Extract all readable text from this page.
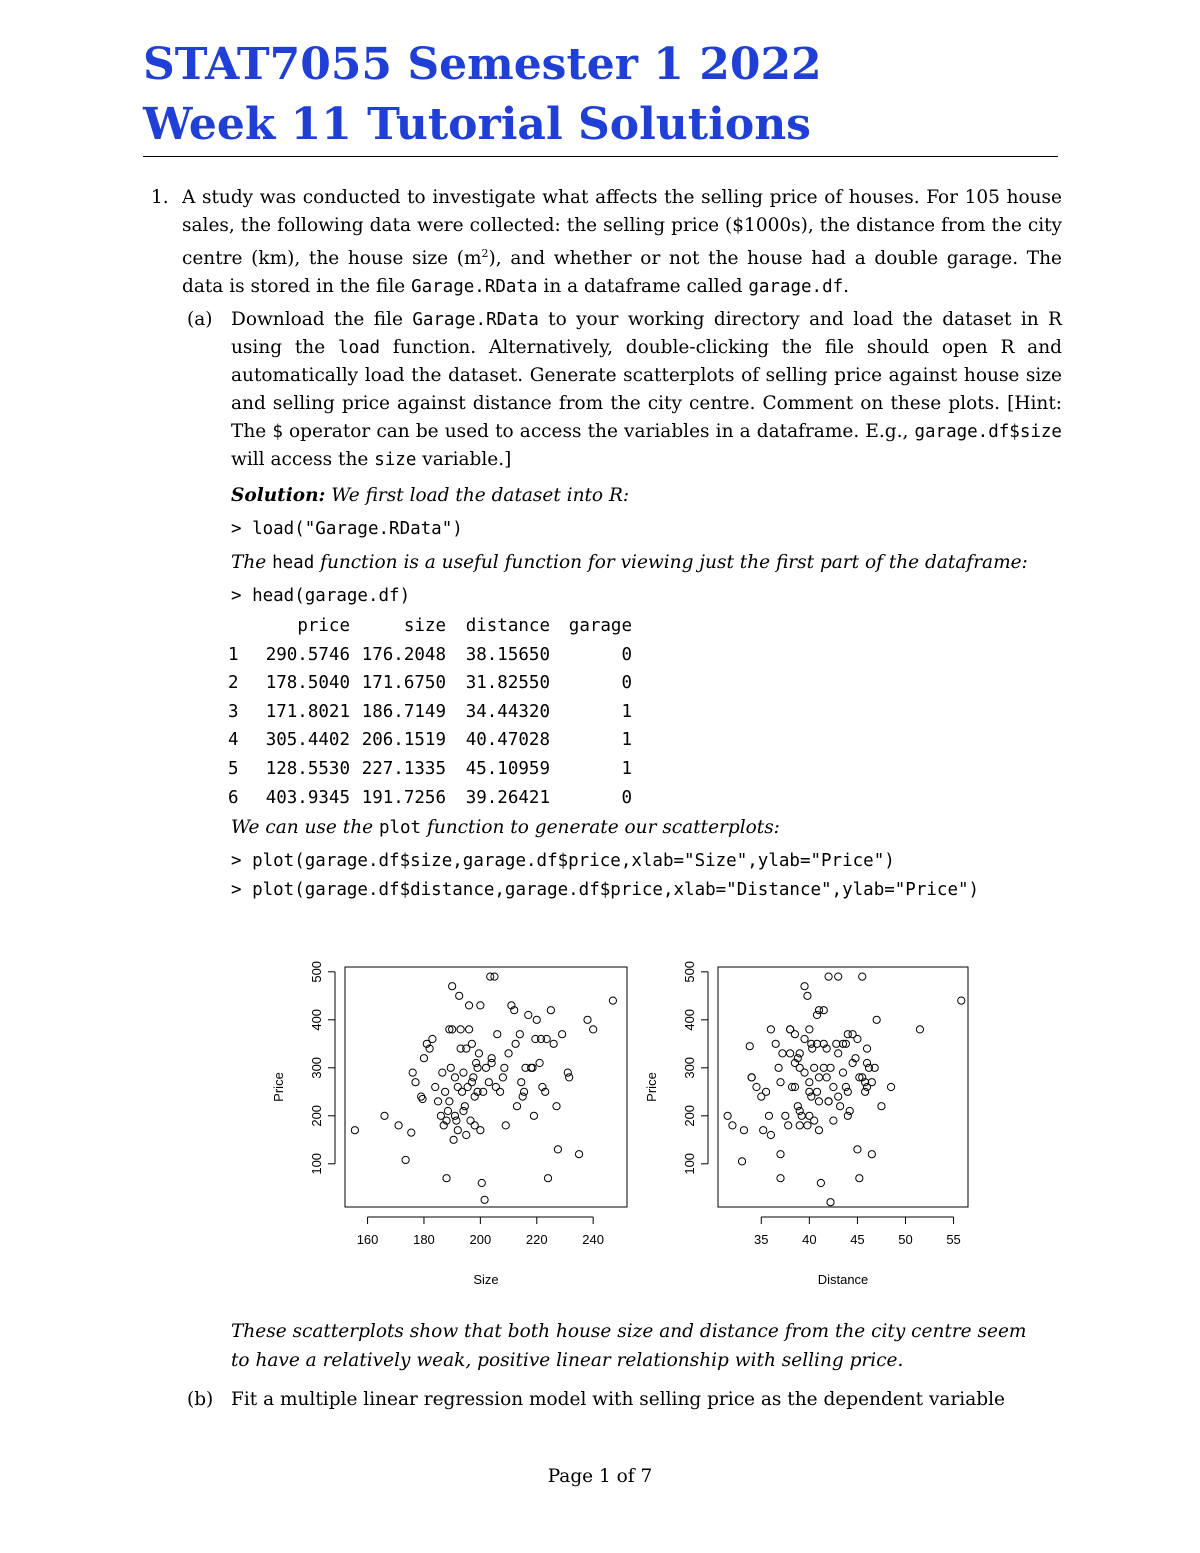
STAT7055 Semester 1 2022
Week 11 Tutorial Solutions

1. A study was conducted to investigate what affects the selling price of houses. For 105 house sales, the following data were collected: the selling price ($1000s), the distance from the city centre (km), the house size $(m^2)$, and whether or not the house had a double garage. The data is stored in the file Garage.RData in a dataframe called garage.df.

(a) Download the file Garage.RData to your working directory and load the dataset in R using the load function. Alternatively, double-clicking the file should open R and automatically load the dataset. Generate scatterplots of selling price against house size and selling price against distance from the city centre. Comment on these plots. [Hint: The $ operator can be used to access the variables in a dataframe. E.g., garage.df$size will access the size variable.]

Solution: We first load the dataset into R:

> load("Garage.RData")

The head function is a useful function for viewing just the first part of the dataframe:

> head(garage.df)

	price	size	distance	garage
1	290.5746	176.2048	38.15650	0
2	178.5040	171.6750	31.82550	0
3	171.8021	186.7149	34.44320	1
4	305.4402	206.1519	40.47028	1
5	128.5530	227.1335	45.10959	1
6	403.9345	191.7256	39.26421	0

We can use the plot function to generate our scatterplots:

> plot(garage.df$size,garage.df$price,xlab="Size",ylab="Price")

> plot(garage.df$distance,garage.df$price,xlab="Distance",ylab="Price")

160	180	200	220	240
Size
100
200
300
400
500
Price
35	40	45	50	55
Distance
100
200
300
400
500
Price

These scatterplots show that both house size and distance from the city centre seem

to have a relatively weak, positive linear relationship with selling price.

(b) Fit a multiple linear regression model with selling price as the dependent variable

Page 1 of 7
